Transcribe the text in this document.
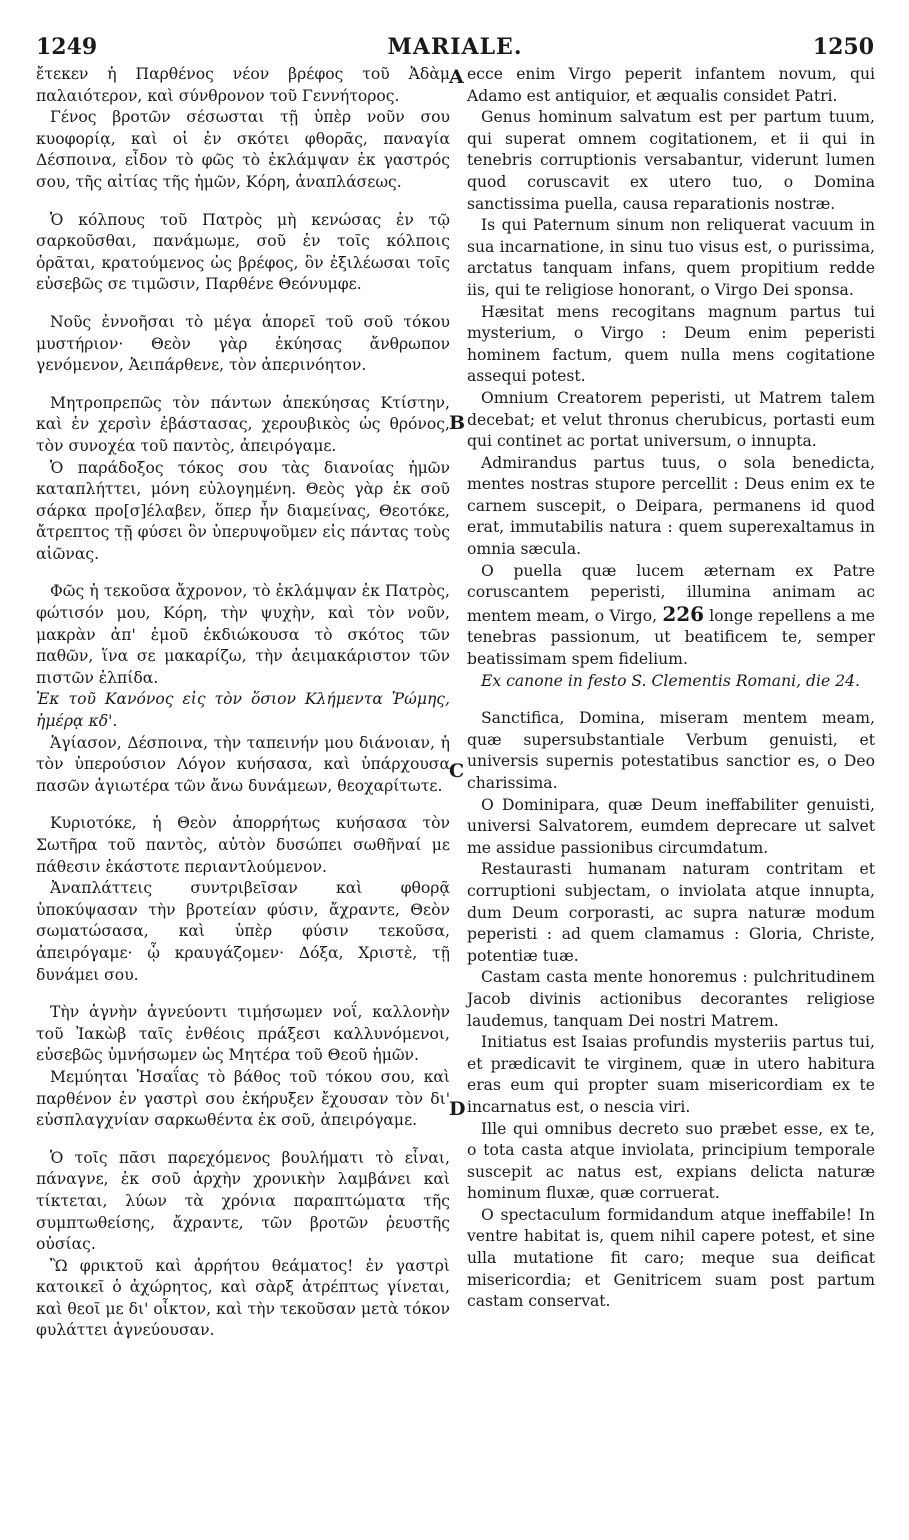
1249	MARIALE.	1250
A
B
C
D

ἔτεκεν ἡ Παρθένος νέον βρέφος τοῦ Ἀδὰμ παλαιότερον, καὶ σύνθρονον τοῦ Γεννήτορος.

Γένος βροτῶν σέσωσται τῇ ὑπὲρ νοῦν σου κυοφορίᾳ, καὶ οἱ ἐν σκότει φθορᾶς, παναγία Δέσποινα, εἶδον τὸ φῶς τὸ ἐκλάμψαν ἐκ γαστρός σου, τῆς αἰτίας τῆς ἡμῶν, Κόρη, ἀναπλάσεως.

Ὁ κόλπους τοῦ Πατρὸς μὴ κενώσας ἐν τῷ σαρκοῦσθαι, πανάμωμε, σοῦ ἐν τοῖς κόλποις ὁρᾶται, κρατούμενος ὡς βρέφος, ὃν ἐξιλέωσαι τοῖς εὐσεβῶς σε τιμῶσιν, Παρθένε Θεόνυμφε.

Νοῦς ἐννοῆσαι τὸ μέγα ἀπορεῖ τοῦ σοῦ τόκου μυστήριον· Θεὸν γὰρ ἐκύησας ἄνθρωπον γενόμενον, Ἀειπάρθενε, τὸν ἀπερινόητον.

Μητροπρεπῶς τὸν πάντων ἀπεκύησας Κτίστην, καὶ ἐν χερσὶν ἐβάστασας, χερουβικὸς ὡς θρόνος, τὸν συνοχέα τοῦ παντὸς, ἀπειρόγαμε.

Ὁ παράδοξος τόκος σου τὰς διανοίας ἡμῶν καταπλήττει, μόνη εὐλογημένη. Θεὸς γὰρ ἐκ σοῦ σάρκα προ[σ]έλαβεν, ὅπερ ἦν διαμείνας, Θεοτόκε, ἄτρεπτος τῇ φύσει ὃν ὑπερυψοῦμεν εἰς πάντας τοὺς αἰῶνας.

Φῶς ἡ τεκοῦσα ἄχρονον, τὸ ἐκλάμψαν ἐκ Πατρὸς, φώτισόν μου, Κόρη, τὴν ψυχὴν, καὶ τὸν νοῦν, μακρὰν ἀπ' ἐμοῦ ἐκδιώκουσα τὸ σκότος τῶν παθῶν, ἵνα σε μακαρίζω, τὴν ἀειμακάριστον τῶν πιστῶν ἐλπίδα.

Ἐκ τοῦ Κανόνος εἰς τὸν ὅσιον Κλήμεντα Ῥώμης, ἡμέρᾳ κδ'.

Ἁγίασον, Δέσποινα, τὴν ταπεινήν μου διάνοιαν, ἡ τὸν ὑπερούσιον Λόγον κυήσασα, καὶ ὑπάρχουσα πασῶν ἁγιωτέρα τῶν ἄνω δυνάμεων, θεοχαρίτωτε.

Κυριοτόκε, ἡ Θεὸν ἀπορρήτως κυήσασα τὸν Σωτῆρα τοῦ παντὸς, αὐτὸν δυσώπει σωθῆναί με πάθεσιν ἑκάστοτε περιαντλούμενον.

Ἀναπλάττεις συντριβεῖσαν καὶ φθορᾷ ὑποκύψασαν τὴν βροτείαν φύσιν, ἄχραντε, Θεὸν σωματώσασα, καὶ ὑπὲρ φύσιν τεκοῦσα, ἀπειρόγαμε· ᾧ κραυγάζομεν· Δόξα, Χριστὲ, τῇ δυνάμει σου.

Τὴν ἁγνὴν ἁγνεύοντι τιμήσωμεν νοΐ, καλλονὴν τοῦ Ἰακὼβ ταῖς ἐνθέοις πράξεσι καλλυνόμενοι, εὐσεβῶς ὑμνήσωμεν ὡς Μητέρα τοῦ Θεοῦ ἡμῶν.

Μεμύηται Ἡσαΐας τὸ βάθος τοῦ τόκου σου, καὶ παρθένον ἐν γαστρὶ σου ἐκήρυξεν ἔχουσαν τὸν δι' εὐσπλαγχνίαν σαρκωθέντα ἐκ σοῦ, ἀπειρόγαμε.

Ὁ τοῖς πᾶσι παρεχόμενος βουλήματι τὸ εἶναι, πάναγνε, ἐκ σοῦ ἀρχὴν χρονικὴν λαμβάνει καὶ τίκτεται, λύων τὰ χρόνια παραπτώματα τῆς συμπτωθείσης, ἄχραντε, τῶν βροτῶν ῥευστῆς οὐσίας.

Ὢ φρικτοῦ καὶ ἀρρήτου θεάματος! ἐν γαστρὶ κατοικεῖ ὁ ἀχώρητος, καὶ σὰρξ ἀτρέπτως γίνεται, καὶ θεοῖ με δι' οἶκτον, καὶ τὴν τεκοῦσαν μετὰ τόκον φυλάττει ἁγνεύουσαν.

ecce enim Virgo peperit infantem novum, qui Adamo est antiquior, et æqualis considet Patri.

Genus hominum salvatum est per partum tuum, qui superat omnem cogitationem, et ii qui in tenebris corruptionis versabantur, viderunt lumen quod coruscavit ex utero tuo, o Domina sanctissima puella, causa reparationis nostræ.

Is qui Paternum sinum non reliquerat vacuum in sua incarnatione, in sinu tuo visus est, o purissima, arctatus tanquam infans, quem propitium redde iis, qui te religiose honorant, o Virgo Dei sponsa.

Hæsitat mens recogitans magnum partus tui mysterium, o Virgo : Deum enim peperisti hominem factum, quem nulla mens cogitatione assequi potest.

Omnium Creatorem peperisti, ut Matrem talem decebat; et velut thronus cherubicus, portasti eum qui continet ac portat universum, o innupta.

Admirandus partus tuus, o sola benedicta, mentes nostras stupore percellit : Deus enim ex te carnem suscepit, o Deipara, permanens id quod erat, immutabilis natura : quem superexaltamus in omnia sæcula.

O puella quæ lucem æternam ex Patre coruscantem peperisti, illumina animam ac mentem meam, o Virgo, 226 longe repellens a me tenebras passionum, ut beatificem te, semper beatissimam spem fidelium.

Ex canone in festo S. Clementis Romani, die 24.

Sanctifica, Domina, miseram mentem meam, quæ supersubstantiale Verbum genuisti, et universis supernis potestatibus sanctior es, o Deo charissima.

O Dominipara, quæ Deum ineffabiliter genuisti, universi Salvatorem, eumdem deprecare ut salvet me assidue passionibus circumdatum.

Restaurasti humanam naturam contritam et corruptioni subjectam, o inviolata atque innupta, dum Deum corporasti, ac supra naturæ modum peperisti : ad quem clamamus : Gloria, Christe, potentiæ tuæ.

Castam casta mente honoremus : pulchritudinem Jacob divinis actionibus decorantes religiose laudemus, tanquam Dei nostri Matrem.

Initiatus est Isaias profundis mysteriis partus tui, et prædicavit te virginem, quæ in utero habitura eras eum qui propter suam misericordiam ex te incarnatus est, o nescia viri.

Ille qui omnibus decreto suo præbet esse, ex te, o tota casta atque inviolata, principium temporale suscepit ac natus est, expians delicta naturæ hominum fluxæ, quæ corruerat.

O spectaculum formidandum atque ineffabile! In ventre habitat is, quem nihil capere potest, et sine ulla mutatione fit caro; meque sua deificat misericordia; et Genitricem suam post partum castam conservat.
